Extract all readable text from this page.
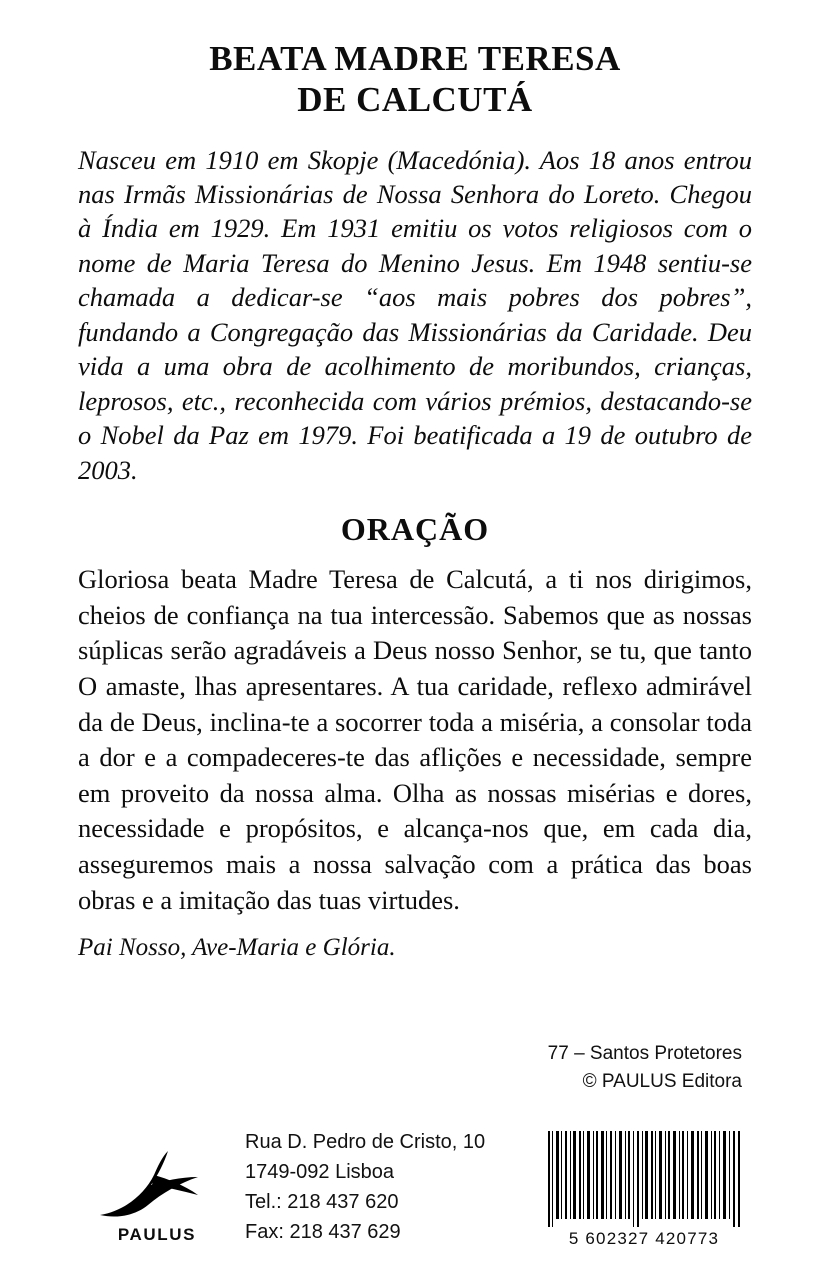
BEATA MADRE TERESA
DE CALCUTÁ
Nasceu em 1910 em Skopje (Macedónia). Aos 18 anos entrou nas Irmãs Missionárias de Nossa Senhora do Loreto. Chegou à Índia em 1929. Em 1931 emitiu os votos religiosos com o nome de Maria Teresa do Menino Jesus. Em 1948 sentiu-se chamada a dedicar-se “aos mais pobres dos pobres”, fundando a Congregação das Missionárias da Caridade. Deu vida a uma obra de acolhimento de moribundos, crianças, leprosos, etc., reconhecida com vários prémios, destacando-se o Nobel da Paz em 1979. Foi beatificada a 19 de outubro de 2003.
ORAÇÃO
Gloriosa beata Madre Teresa de Calcutá, a ti nos dirigimos, cheios de confiança na tua intercessão. Sabemos que as nossas súplicas serão agradáveis a Deus nosso Senhor, se tu, que tanto O amaste, lhas apresentares. A tua caridade, reflexo admirável da de Deus, inclina-te a socorrer toda a miséria, a consolar toda a dor e a compadeceres-te das aflições e necessidade, sempre em proveito da nossa alma. Olha as nossas misérias e dores, necessidade e propósitos, e alcança-nos que, em cada dia, asseguremos mais a nossa salvação com a prática das boas obras e a imitação das tuas virtudes.
Pai Nosso, Ave-Maria e Glória.
77 – Santos Protetores
© PAULUS Editora
PAULUS
Rua D. Pedro de Cristo, 10
1749-092 Lisboa
Tel.: 218 437 620
Fax: 218 437 629	5 602327 420773
